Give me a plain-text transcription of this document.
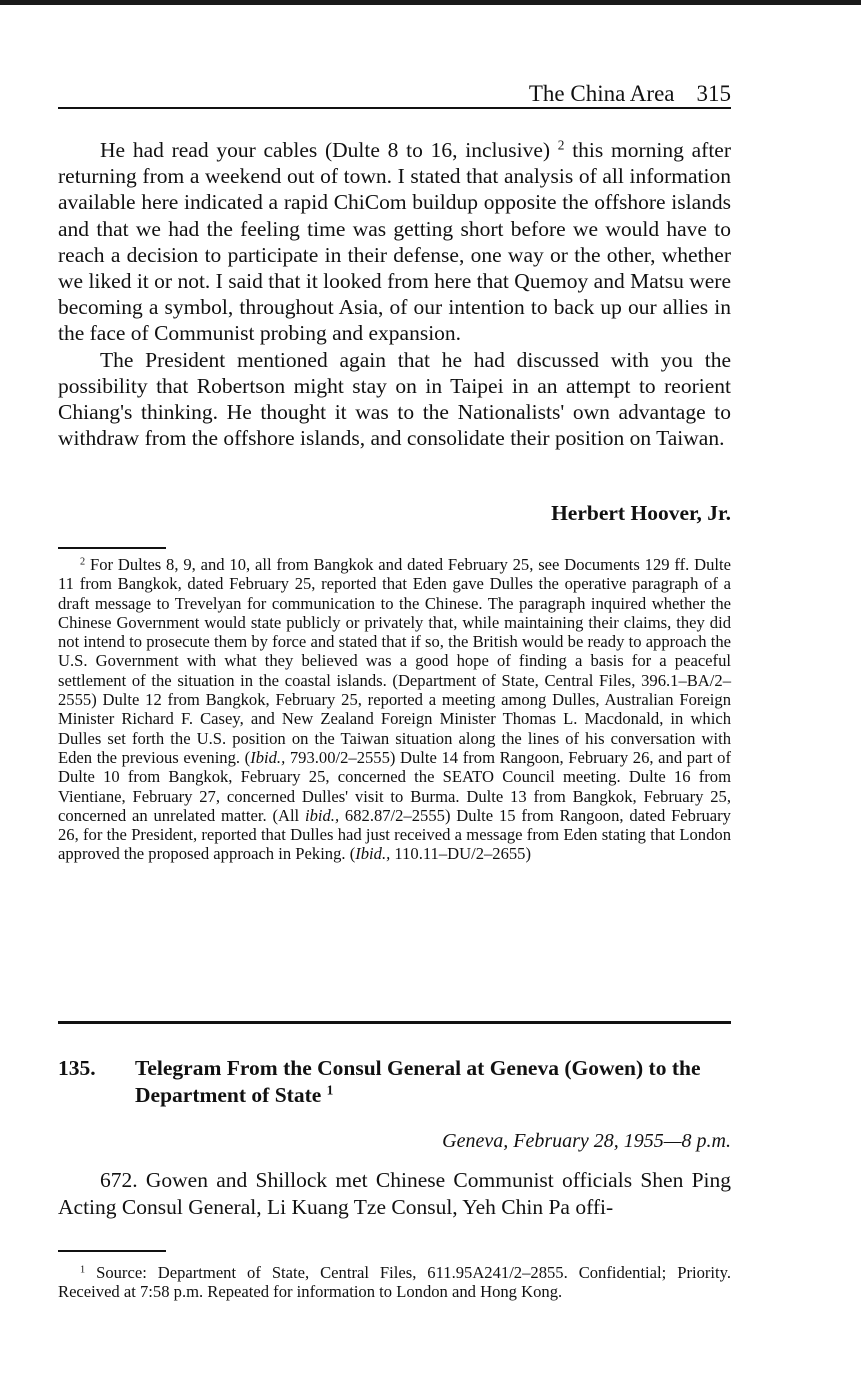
The China Area 315

He had read your cables (Dulte 8 to 16, inclusive) $^2$ this morning after returning from a weekend out of town. I stated that analysis of all information available here indicated a rapid ChiCom buildup opposite the offshore islands and that we had the feeling time was getting short before we would have to reach a decision to participate in their defense, one way or the other, whether we liked it or not. I said that it looked from here that Quemoy and Matsu were becoming a symbol, throughout Asia, of our intention to back up our allies in the face of Communist probing and expansion.

The President mentioned again that he had discussed with you the possibility that Robertson might stay on in Taipei in an attempt to reorient Chiang's thinking. He thought it was to the Nationalists' own advantage to withdraw from the offshore islands, and consolidate their position on Taiwan.

Herbert Hoover, Jr.

$^2$ For Dultes 8, 9, and 10, all from Bangkok and dated February 25, see Documents 129 ff. Dulte 11 from Bangkok, dated February 25, reported that Eden gave Dulles the operative paragraph of a draft message to Trevelyan for communication to the Chinese. The paragraph inquired whether the Chinese Government would state publicly or privately that, while maintaining their claims, they did not intend to prosecute them by force and stated that if so, the British would be ready to approach the U.S. Government with what they believed was a good hope of finding a basis for a peaceful settlement of the situation in the coastal islands. (Department of State, Central Files, 396.1–BA/2–2555) Dulte 12 from Bangkok, February 25, reported a meeting among Dulles, Australian Foreign Minister Richard F. Casey, and New Zealand Foreign Minister Thomas L. Macdonald, in which Dulles set forth the U.S. position on the Taiwan situation along the lines of his conversation with Eden the previous evening. (Ibid., 793.00/2–2555) Dulte 14 from Rangoon, February 26, and part of Dulte 10 from Bangkok, February 25, concerned the SEATO Council meeting. Dulte 16 from Vientiane, February 27, concerned Dulles' visit to Burma. Dulte 13 from Bangkok, February 25, concerned an unrelated matter. (All ibid., 682.87/2–2555) Dulte 15 from Rangoon, dated February 26, for the President, reported that Dulles had just received a message from Eden stating that London approved the proposed approach in Peking. (Ibid., 110.11–DU/2–2655)

135. Telegram From the Consul General at Geneva (Gowen) to the Department of State $^1$
Geneva, February 28, 1955—8 p.m.

672. Gowen and Shillock met Chinese Communist officials Shen Ping Acting Consul General, Li Kuang Tze Consul, Yeh Chin Pa offi-

$^1$ Source: Department of State, Central Files, 611.95A241/2–2855. Confidential; Priority. Received at 7:58 p.m. Repeated for information to London and Hong Kong.
